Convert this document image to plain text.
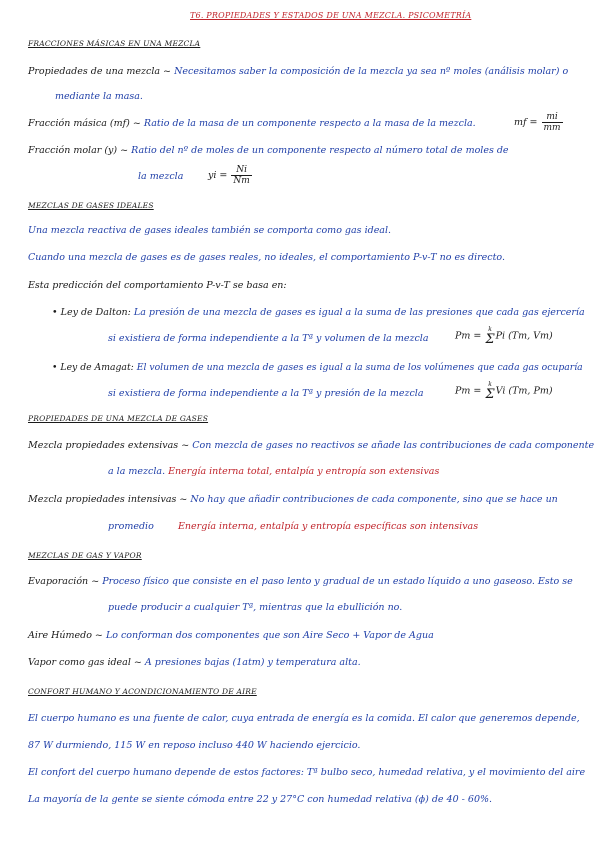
T6. PROPIEDADES Y ESTADOS DE UNA MEZCLA. PSICOMETRÍA
FRACCIONES MÁSICAS EN UNA MEZCLA
Propiedades de una mezcla ~ Necesitamos saber la composición de la mezcla ya sea nº moles (análisis molar) o
mediante la masa.
Fracción másica (mf) ~ Ratio de la masa de un componente respecto a la masa de la mezcla.	mf = $\frac{mi}{mm}$
Fracción molar (y) ~ Ratio del nº de moles de un componente respecto al número total de moles de
la mezcla	yi = $\frac{Ni}{Nm}$
MEZCLAS DE GASES IDEALES
Una mezcla reactiva de gases ideales también se comporta como gas ideal.
Cuando una mezcla de gases es de gases reales, no ideales, el comportamiento P-v-T no es directo.
Esta predicción del comportamiento P-v-T se basa en:
• Ley de Dalton: La presión de una mezcla de gases es igual a la suma de las presiones que cada gas ejercería
si existiera de forma independiente a la Tª y volumen de la mezcla	Pm =
k
Σ Pi (Tm, Vm)
• Ley de Amagat: El volumen de una mezcla de gases es igual a la suma de los volúmenes que cada gas ocuparía
si existiera de forma independiente a la Tª y presión de la mezcla	Pm =
k
Σ Vi (Tm, Pm)
PROPIEDADES DE UNA MEZCLA DE GASES
Mezcla propiedades extensivas ~ Con mezcla de gases no reactivos se añade las contribuciones de cada componente
a la mezcla. Energía interna total, entalpía y entropía son extensivas
Mezcla propiedades intensivas ~ No hay que añadir contribuciones de cada componente, sino que se hace un
promedio	Energía interna, entalpía y entropía específicas son intensivas
MEZCLAS DE GAS Y VAPOR
Evaporación ~ Proceso físico que consiste en el paso lento y gradual de un estado líquido a uno gaseoso. Esto se
puede producir a cualquier Tª, mientras que la ebullición no.
Aire Húmedo ~ Lo conforman dos componentes que son Aire Seco + Vapor de Agua
Vapor como gas ideal ~ A presiones bajas (1atm) y temperatura alta.
CONFORT HUMANO Y ACONDICIONAMIENTO DE AIRE
El cuerpo humano es una fuente de calor, cuya entrada de energía es la comida. El calor que generemos depende,
87 W durmiendo, 115 W en reposo incluso 440 W haciendo ejercicio.
El confort del cuerpo humano depende de estos factores: Tª bulbo seco, humedad relativa, y el movimiento del aire
La mayoría de la gente se siente cómoda entre 22 y 27°C con humedad relativa (ϕ) de 40 - 60%.
